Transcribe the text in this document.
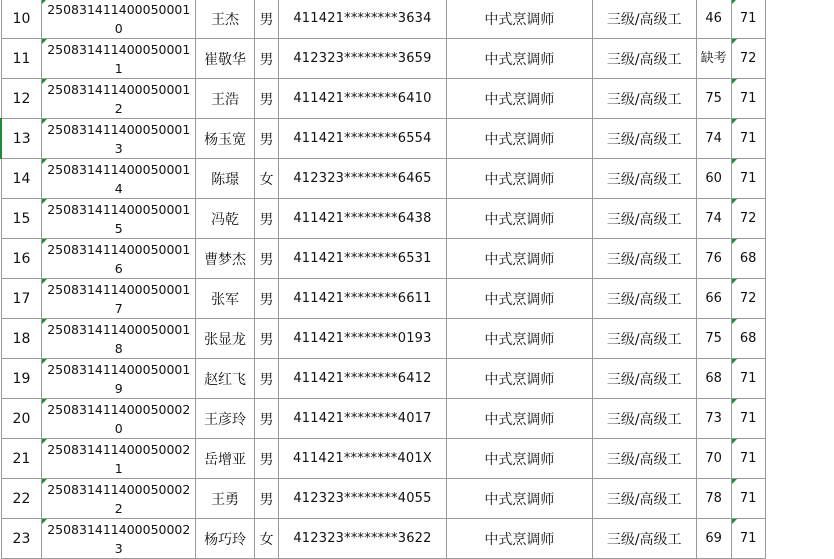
10	2508314114000500010	王杰	男	411421********3634	中式烹调师	三级/高级工	46	71	
11	2508314114000500011	崔敬华	男	412323********3659	中式烹调师	三级/高级工	缺考	72	
12	2508314114000500012	王浩	男	411421********6410	中式烹调师	三级/高级工	75	71	
13	2508314114000500013	杨玉宽	男	411421********6554	中式烹调师	三级/高级工	74	71	
14	2508314114000500014	陈璟	女	412323********6465	中式烹调师	三级/高级工	60	71	
15	2508314114000500015	冯乾	男	411421********6438	中式烹调师	三级/高级工	74	72	
16	2508314114000500016	曹梦杰	男	411421********6531	中式烹调师	三级/高级工	76	68	
17	2508314114000500017	张军	男	411421********6611	中式烹调师	三级/高级工	66	72	
18	2508314114000500018	张显龙	男	411421********0193	中式烹调师	三级/高级工	75	68	
19	2508314114000500019	赵红飞	男	411421********6412	中式烹调师	三级/高级工	68	71	
20	2508314114000500020	王彦玲	男	411421********4017	中式烹调师	三级/高级工	73	71	
21	2508314114000500021	岳增亚	男	411421********401X	中式烹调师	三级/高级工	70	71	
22	2508314114000500022	王勇	男	412323********4055	中式烹调师	三级/高级工	78	71	
23	2508314114000500023	杨巧玲	女	412323********3622	中式烹调师	三级/高级工	69	71	
